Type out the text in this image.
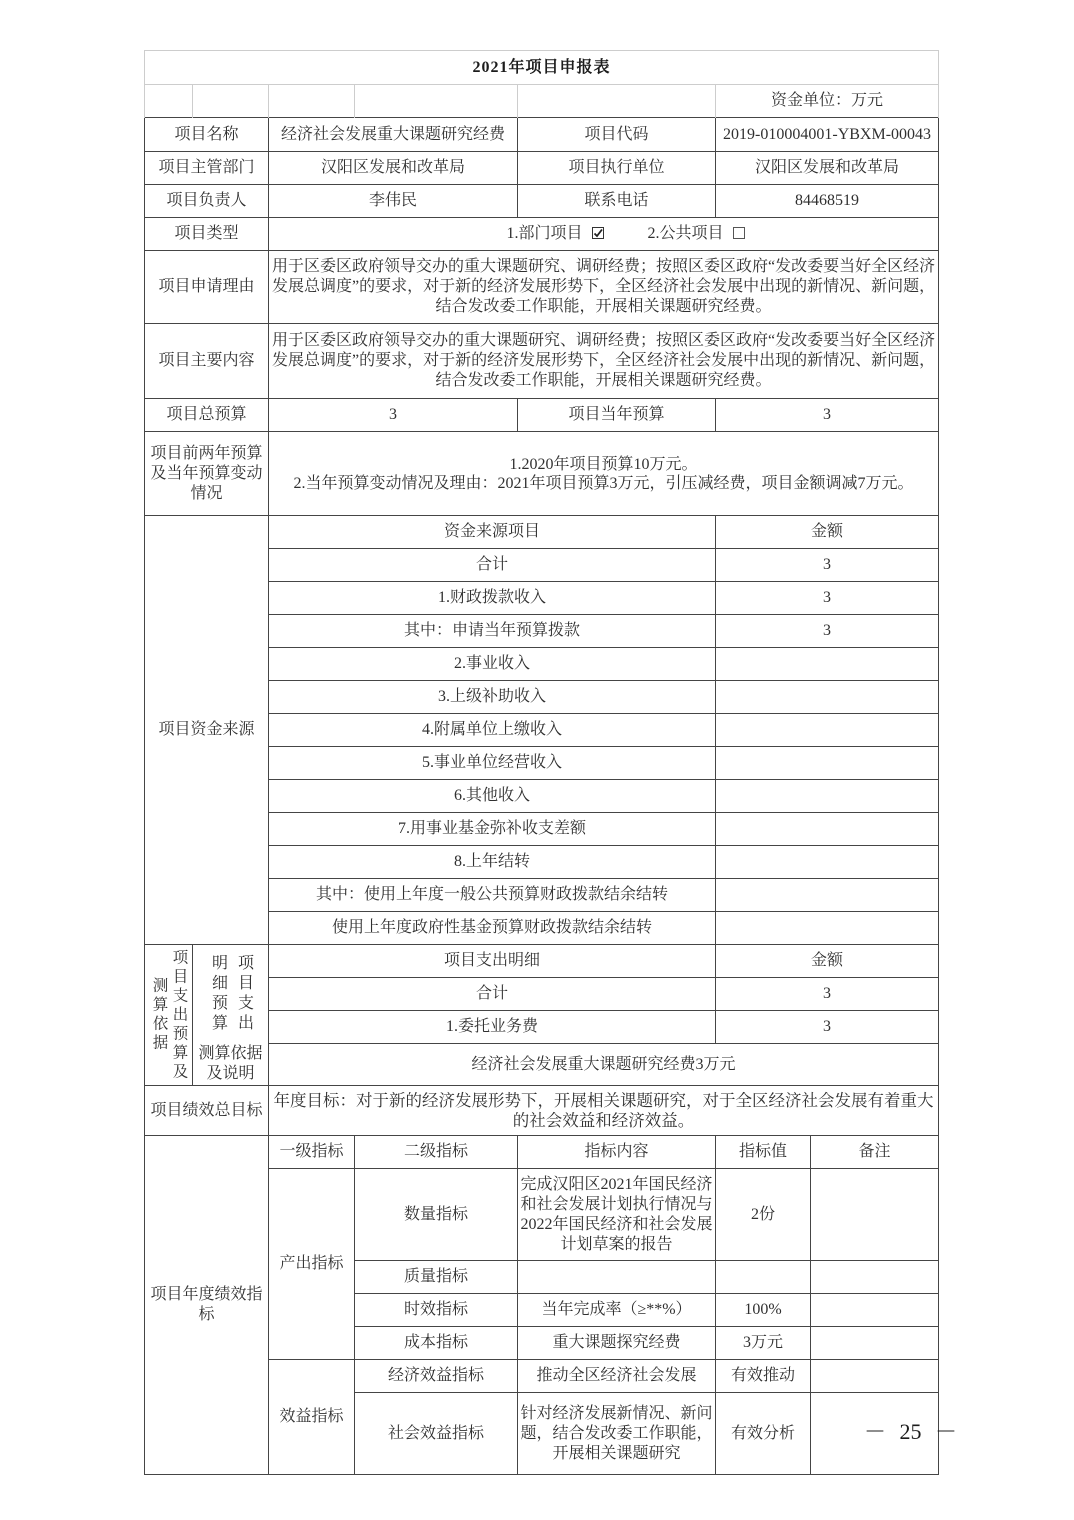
2021年项目申报表						
					资金单位：万元	
项目名称		经济社会发展重大课题研究经费		项目代码	2019-010004001-YBXM-00043	
项目主管部门		汉阳区发展和改革局		项目执行单位	汉阳区发展和改革局	
项目负责人		李伟民		联系电话	84468519	
项目类型		1.部门项目 2.公共项目				
项目申请理由		用于区委区政府领导交办的重大课题研究、调研经费；按照区委区政府“发改委要当好全区经济发展总调度”的要求，对于新的经济发展形势下，全区经济社会发展中出现的新情况、新问题，结合发改委工作职能，开展相关课题研究经费。				
项目主要内容		用于区委区政府领导交办的重大课题研究、调研经费；按照区委区政府“发改委要当好全区经济发展总调度”的要求，对于新的经济发展形势下，全区经济社会发展中出现的新情况、新问题，结合发改委工作职能，开展相关课题研究经费。				
项目总预算		3		项目当年预算	3	
项目前两年预算及当年预算变动情况		1.2020年项目预算10万元。
2.当年预算变动情况及理由：2021年项目预算3万元，引压减经费，项目金额调减7万元。				

项目资金来源		资金来源项目			金额	
		合计			3	
		1.财政拨款收入			3	
		其中：申请当年预算拨款			3	
		2.事业收入				
		3.上级补助收入				
		4.附属单位上缴收入				
		5.事业单位经营收入				
		6.其他收入				
		7.用事业基金弥补收支差额				
		8.上年结转				
		其中：使用上年度一般公共预算财政拨款结余结转				
		使用上年度政府性基金预算财政拨款结余结转				
项目支出预算及测算依据	项目支出明细预算	项目支出明细			金额	
		合计			3	
		1.委托业务费			3	
	测算依据及说明	经济社会发展重大课题研究经费3万元				
项目绩效总目标		年度目标：对于新的经济发展形势下，开展相关课题研究，对于全区经济社会发展有着重大的社会效益和经济效益。				
项目年度绩效指标		一级指标	二级指标	指标内容	指标值	备注
		产出指标	数量指标	完成汉阳区2021年国民经济和社会发展计划执行情况与2022年国民经济和社会发展计划草案的报告	2份	
			质量指标			
			时效指标	当年完成率（≥**%）	100%	
			成本指标	重大课题探究经费	3万元	
		效益指标	经济效益指标	推动全区经济社会发展	有效推动	
			社会效益指标	针对经济发展新情况、新问题，结合发改委工作职能，开展相关课题研究	有效分析		－ 25 －
